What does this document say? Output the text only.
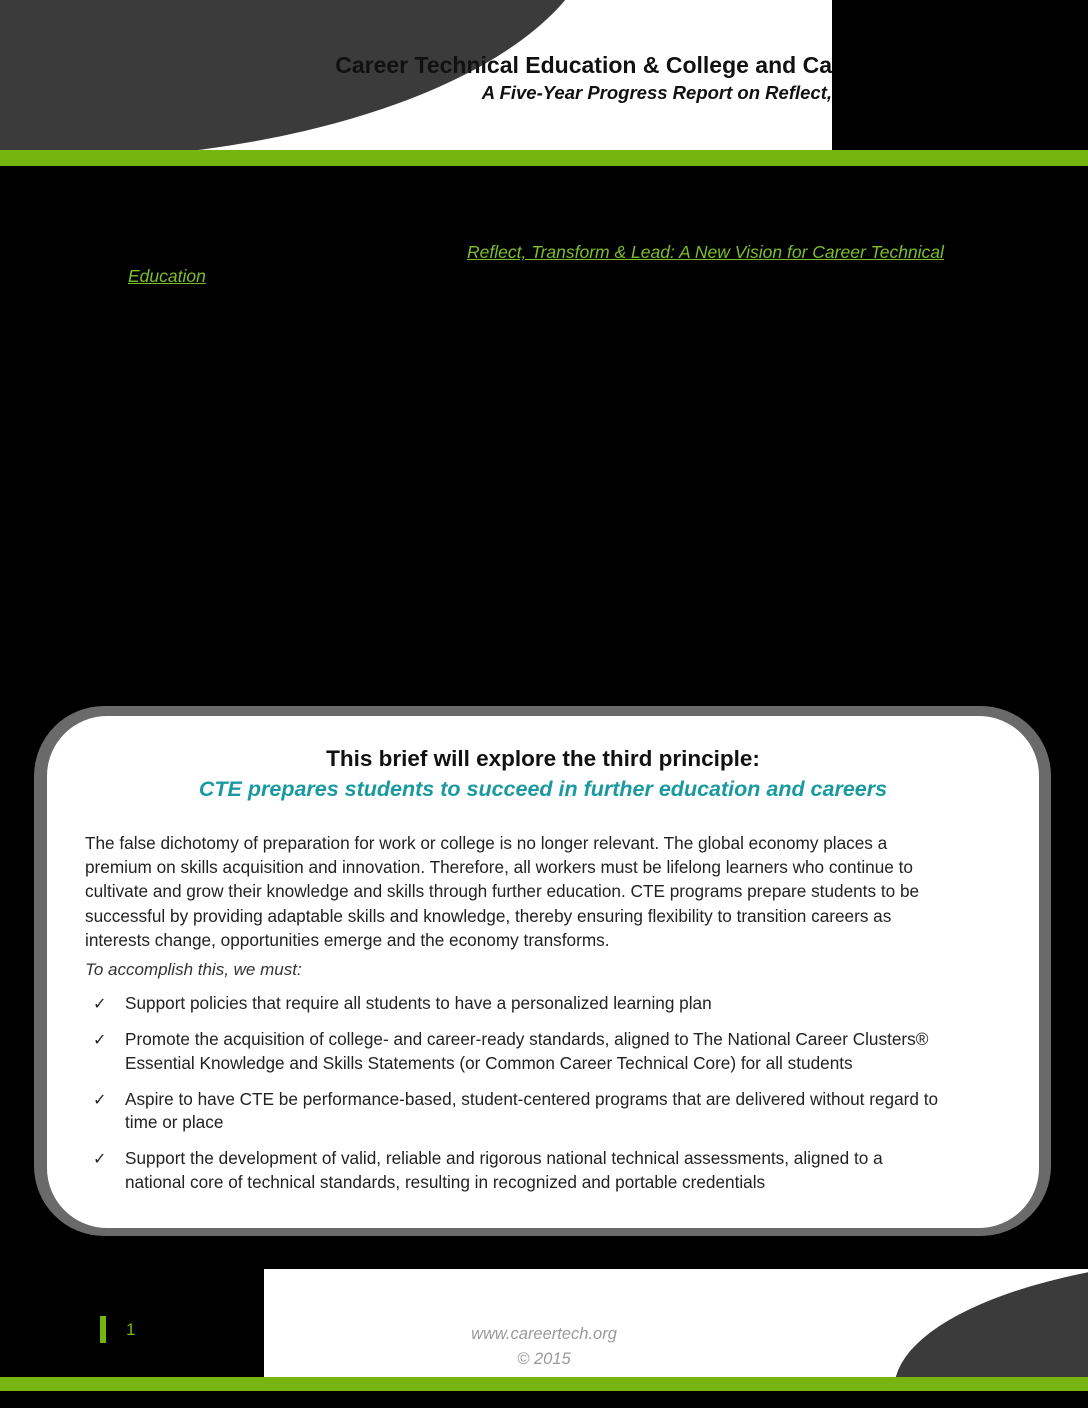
Career Technical Education & College and Ca
A Five-Year Progress Report on Reflect,
Reflect, Transform & Lead: A New Vision for Career Technical
Education
This brief will explore the third principle:
CTE prepares students to succeed in further education and careers
The false dichotomy of preparation for work or college is no longer relevant. The global economy places a
premium on skills acquisition and innovation. Therefore, all workers must be lifelong learners who continue to
cultivate and grow their knowledge and skills through further education. CTE programs prepare students to be
successful by providing adaptable skills and knowledge, thereby ensuring flexibility to transition careers as
interests change, opportunities emerge and the economy transforms.
To accomplish this, we must:
✓ Support policies that require all students to have a personalized learning plan
✓ Promote the acquisition of college- and career-ready standards, aligned to The National Career Clusters®
Essential Knowledge and Skills Statements (or Common Career Technical Core) for all students
✓ Aspire to have CTE be performance-based, student-centered programs that are delivered without regard to
time or place
✓ Support the development of valid, reliable and rigorous national technical assessments, aligned to a
national core of technical standards, resulting in recognized and portable credentials
1	www.careertech.org
© 2015
